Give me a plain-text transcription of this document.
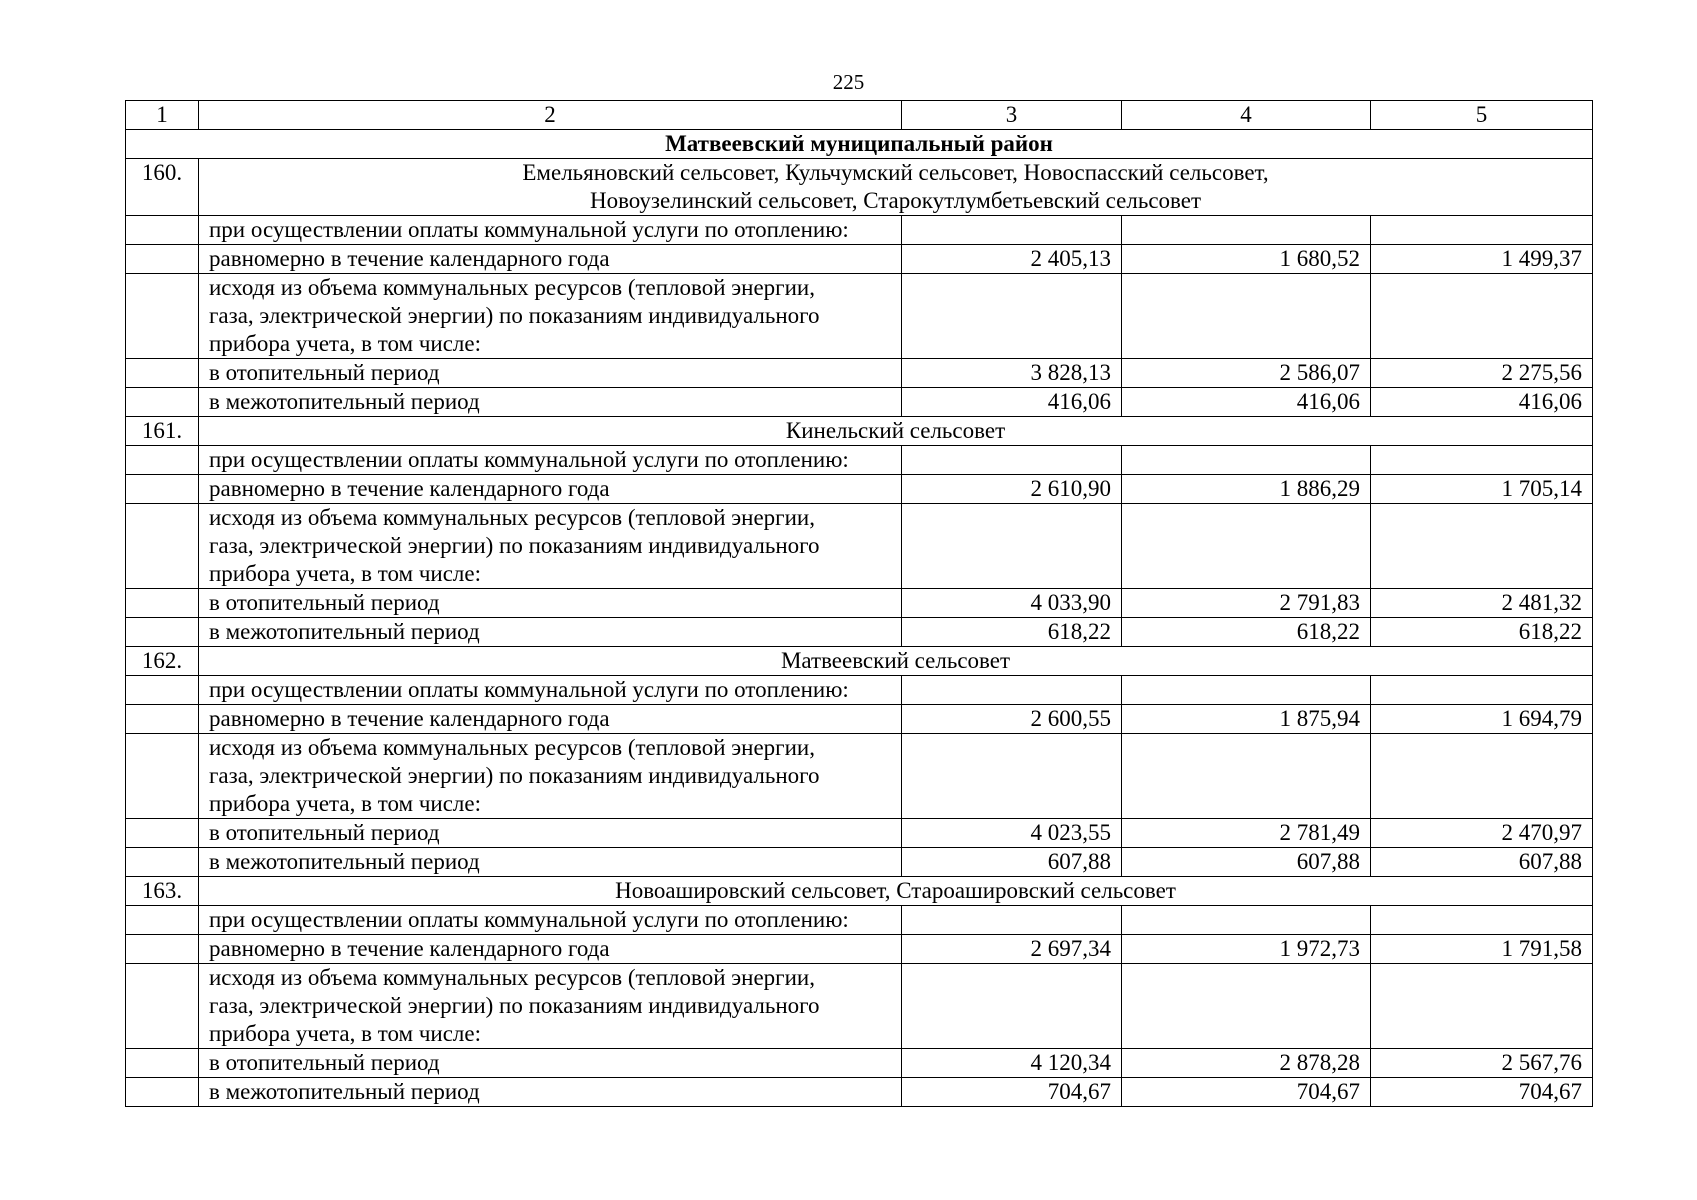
225
1	2	3	4	5
Матвеевский муниципальный район				
160.	Емельяновский сельсовет, Кульчумский сельсовет, Новоспасский сельсовет,
Новоузелинский сельсовет, Старокутлумбетьевский сельсовет			

	при осуществлении оплаты коммунальной услуги по отоплению:			
	равномерно в течение календарного года	2 405,13	1 680,52	1 499,37

	исходя из объема коммунальных ресурсов (тепловой энергии,
газа, электрической энергии) по показаниям индивидуального
прибора учета, в том числе:			

	в отопительный период	3 828,13	2 586,07	2 275,56
	в межотопительный период	416,06	416,06	416,06
161.	Кинельский сельсовет			

	при осуществлении оплаты коммунальной услуги по отоплению:			
	равномерно в течение календарного года	2 610,90	1 886,29	1 705,14

	исходя из объема коммунальных ресурсов (тепловой энергии,
газа, электрической энергии) по показаниям индивидуального
прибора учета, в том числе:			

	в отопительный период	4 033,90	2 791,83	2 481,32
	в межотопительный период	618,22	618,22	618,22
162.	Матвеевский сельсовет			

	при осуществлении оплаты коммунальной услуги по отоплению:			
	равномерно в течение календарного года	2 600,55	1 875,94	1 694,79

	исходя из объема коммунальных ресурсов (тепловой энергии,
газа, электрической энергии) по показаниям индивидуального
прибора учета, в том числе:			

	в отопительный период	4 023,55	2 781,49	2 470,97
	в межотопительный период	607,88	607,88	607,88
163.	Новоашировский сельсовет, Староашировский сельсовет			

	при осуществлении оплаты коммунальной услуги по отоплению:			
	равномерно в течение календарного года	2 697,34	1 972,73	1 791,58

	исходя из объема коммунальных ресурсов (тепловой энергии,
газа, электрической энергии) по показаниям индивидуального
прибора учета, в том числе:			

	в отопительный период	4 120,34	2 878,28	2 567,76
	в межотопительный период	704,67	704,67	704,67
